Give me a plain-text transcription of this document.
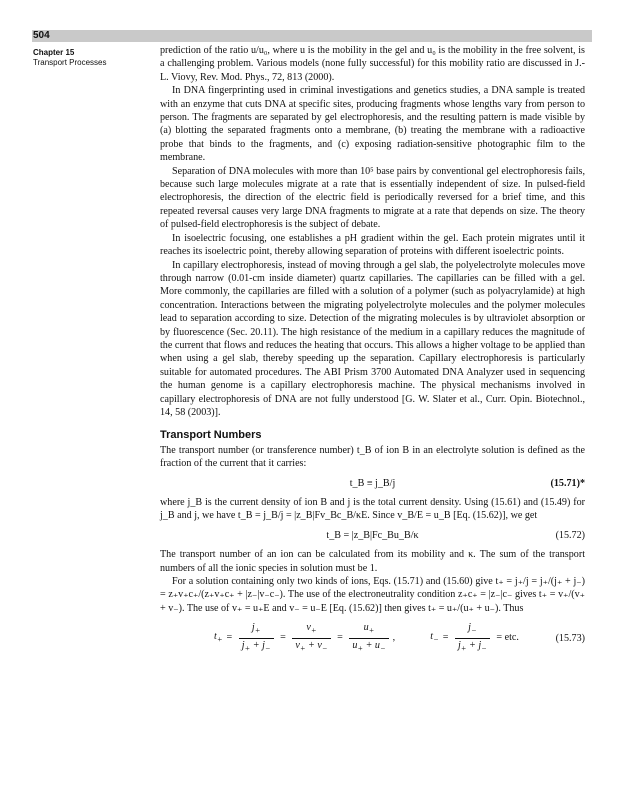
504
Chapter 15
Transport Processes

prediction of the ratio u/u₀, where u is the mobility in the gel and u₀ is the mobility in the free solvent, is a challenging problem. Various models (none fully successful) for this mobility ratio are discussed in J.-L. Viovy, Rev. Mod. Phys., 72, 813 (2000).

In DNA fingerprinting used in criminal investigations and genetics studies, a DNA sample is treated with an enzyme that cuts DNA at specific sites, producing fragments whose lengths vary from person to person. The fragments are separated by gel electrophoresis, and the resulting pattern is made visible by (a) blotting the separated fragments onto a membrane, (b) treating the membrane with a radioactive probe that binds to the fragments, and (c) exposing radiation-sensitive photographic film to the membrane.

Separation of DNA molecules with more than 10⁵ base pairs by conventional gel electrophoresis fails, because such large molecules migrate at a rate that is essentially independent of size. In pulsed-field electrophoresis, the direction of the electric field is periodically reversed for a brief time, and this repeated reversal causes very large DNA fragments to migrate at a rate that depends on size. The theory of pulsed-field electrophoresis is the subject of debate.

In isoelectric focusing, one establishes a pH gradient within the gel. Each protein migrates until it reaches its isoelectric point, thereby allowing separation of proteins with different isoelectric points.

In capillary electrophoresis, instead of moving through a gel slab, the polyelectrolyte molecules move through narrow (0.01-cm inside diameter) quartz capillaries. The capillaries can be filled with a gel. More commonly, the capillaries are filled with a solution of a polymer (such as polyacrylamide) at high concentration. Interactions between the migrating polyelectrolyte molecules and the polymer molecules lead to separation according to size. Detection of the migrating molecules is by ultraviolet absorption or by fluorescence (Sec. 20.11). The high resistance of the medium in a capillary reduces the magnitude of the current that flows and reduces the heating that occurs. This allows a higher voltage to be applied than when using a gel slab, thereby speeding up the separation. Capillary electrophoresis is particularly suitable for automated procedures. The ABI Prism 3700 Automated DNA Analyzer used in sequencing the human genome is a capillary electrophoresis machine. The physical mechanisms involved in capillary electrophoresis of DNA are not fully understood [G. W. Slater et al., Curr. Opin. Biotechnol., 14, 58 (2003)].

Transport Numbers

The transport number (or transference number) t_B of ion B in an electrolyte solution is defined as the fraction of the current that it carries:

t_B ≡ j_B/j	(15.71)*

where j_B is the current density of ion B and j is the total current density. Using (15.61) and (15.49) for j_B and j, we have t_B = j_B/j = |z_B|Fv_Bc_B/κE. Since v_B/E = u_B [Eq. (15.62)], we get

t_B = |z_B|Fc_Bu_B/κ	(15.72)

The transport number of an ion can be calculated from its mobility and κ. The sum of the transport numbers of all the ionic species in solution must be 1.

For a solution containing only two kinds of ions, Eqs. (15.71) and (15.60) give t₊ = j₊/j = j₊/(j₊ + j₋) = z₊v₊c₊/(z₊v₊c₊ + |z₋|v₋c₋). The use of the electroneutrality condition z₊c₊ = |z₋|c₋ gives t₊ = v₊/(v₊ + v₋). The use of v₊ = u₊E and v₋ = u₋E [Eq. (15.62)] then gives t₊ = u₊/(u₊ + u₋). Thus

$t_+ = \frac{j_+}{j_+ + j_-} = \frac{v_+}{v_+ + v_-} = \frac{u_+}{u_+ + u_-}$ ,	$t_- = \frac{j_-}{j_+ + j_-}$ = etc.	(15.73)
